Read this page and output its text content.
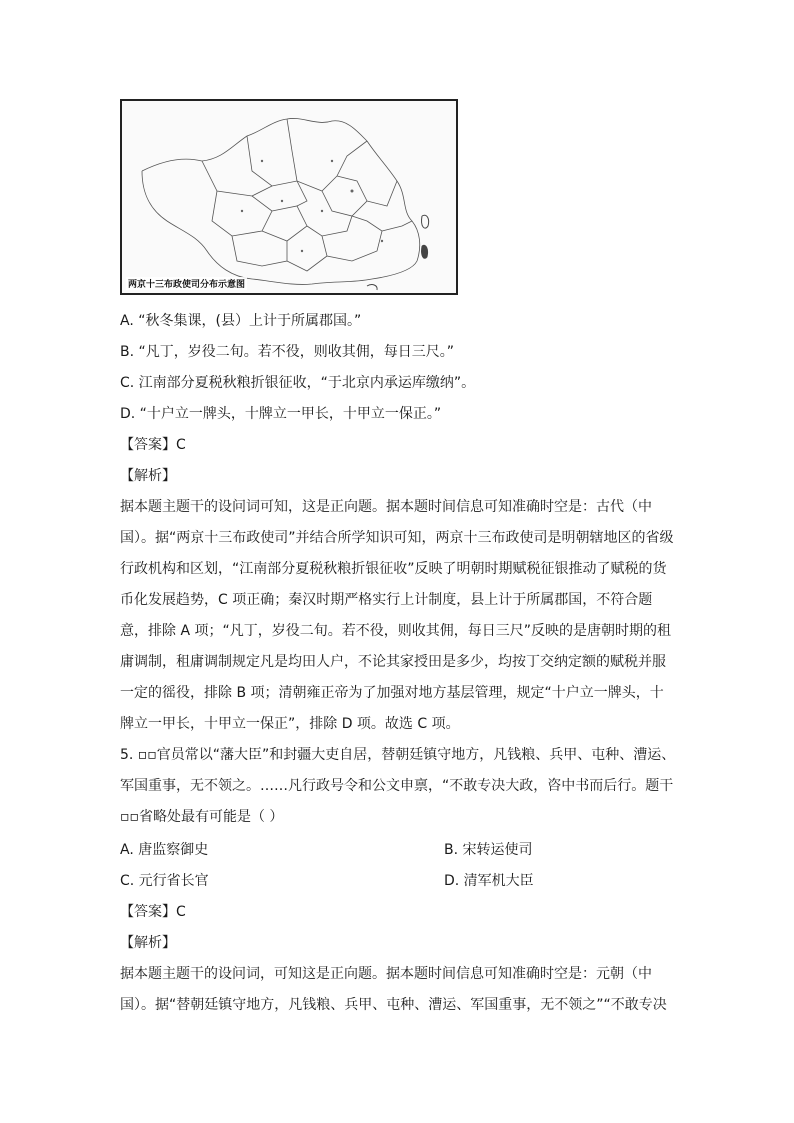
两京十三布政使司分布示意图
A. “秋冬集课，(县）上计于所属郡国。”
B. “凡丁，岁役二旬。若不役，则收其佣，每日三尺。”
C. 江南部分夏税秋粮折银征收，“于北京内承运库缴纳”。
D. “十户立一牌头，十牌立一甲长，十甲立一保正。”
【答案】C
【解析】
据本题主题干的设问词可知，这是正向题。据本题时间信息可知准确时空是：古代（中
国）。据“两京十三布政使司”并结合所学知识可知，两京十三布政使司是明朝辖地区的省级
行政机构和区划，“江南部分夏税秋粮折银征收”反映了明朝时期赋税征银推动了赋税的货
币化发展趋势，C 项正确；秦汉时期严格实行上计制度，县上计于所属郡国，不符合题
意，排除 A 项；“凡丁，岁役二旬。若不役，则收其佣，每日三尺”反映的是唐朝时期的租
庸调制，租庸调制规定凡是均田人户，不论其家授田是多少，均按丁交纳定额的赋税并服
一定的徭役，排除 B 项；清朝雍正帝为了加强对地方基层管理，规定“十户立一牌头，十
牌立一甲长，十甲立一保正”，排除 D 项。故选 C 项。
5. ▫▫官员常以“藩大臣”和封疆大吏自居，替朝廷镇守地方，凡钱粮、兵甲、屯种、漕运、
军国重事，无不领之。……凡行政号令和公文申禀，“不敢专决大政，咨中书而后行。题干
▫▫省略处最有可能是（ ）
A. 唐监察御史	B. 宋转运使司
C. 元行省长官	D. 清军机大臣
【答案】C
【解析】
据本题主题干的设问词，可知这是正向题。据本题时间信息可知准确时空是：元朝（中
国）。据“替朝廷镇守地方，凡钱粮、兵甲、屯种、漕运、军国重事，无不领之”“不敢专决
